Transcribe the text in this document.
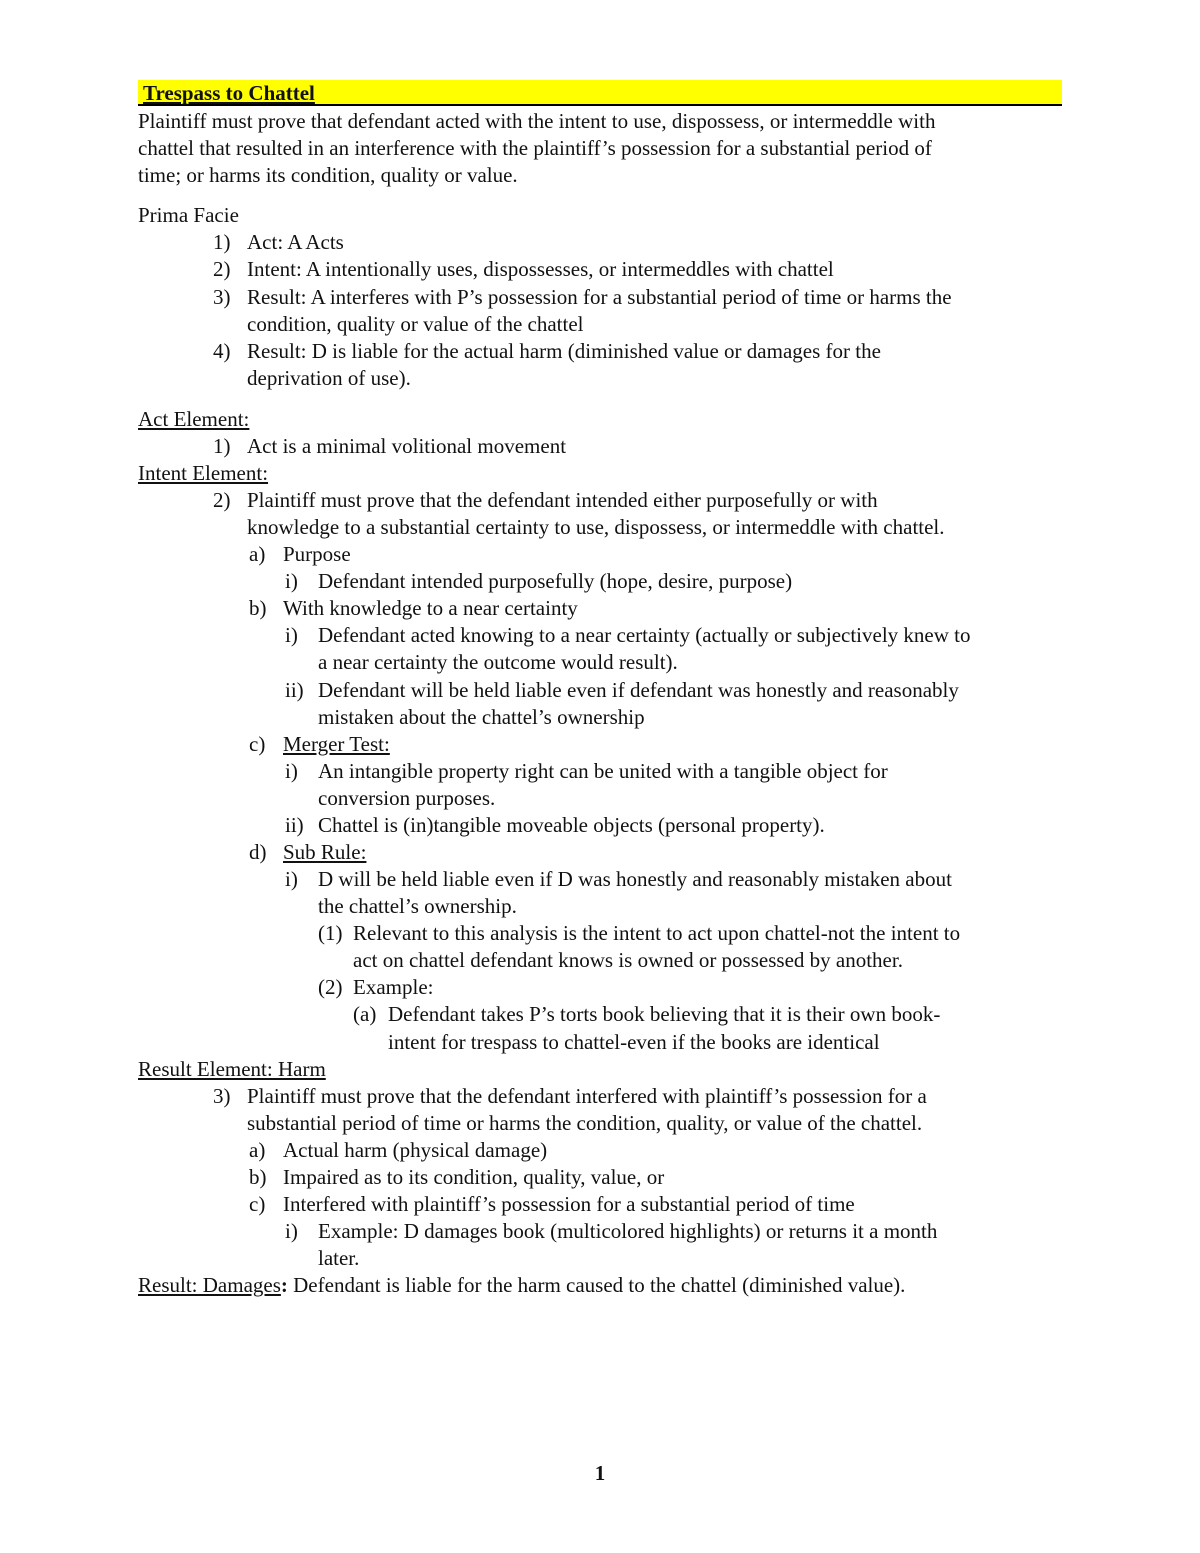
Trespass to Chattel
Plaintiff must prove that defendant acted with the intent to use, dispossess, or intermeddle with
chattel that resulted in an interference with the plaintiff’s possession for a substantial period of
time; or harms its condition, quality or value.
Prima Facie
1) Act: A Acts
2) Intent: A intentionally uses, dispossesses, or intermeddles with chattel
3) Result: A interferes with P’s possession for a substantial period of time or harms the
condition, quality or value of the chattel
4) Result: D is liable for the actual harm (diminished value or damages for the
deprivation of use).
Act Element:
1) Act is a minimal volitional movement
Intent Element:
2) Plaintiff must prove that the defendant intended either purposefully or with
knowledge to a substantial certainty to use, dispossess, or intermeddle with chattel.
a) Purpose
i) Defendant intended purposefully (hope, desire, purpose)
b) With knowledge to a near certainty
i) Defendant acted knowing to a near certainty (actually or subjectively knew to
a near certainty the outcome would result).
ii) Defendant will be held liable even if defendant was honestly and reasonably
mistaken about the chattel’s ownership
c) Merger Test:
i) An intangible property right can be united with a tangible object for
conversion purposes.
ii) Chattel is (in)tangible moveable objects (personal property).
d) Sub Rule:
i) D will be held liable even if D was honestly and reasonably mistaken about
the chattel’s ownership.
(1) Relevant to this analysis is the intent to act upon chattel-not the intent to
act on chattel defendant knows is owned or possessed by another.
(2) Example:
(a) Defendant takes P’s torts book believing that it is their own book-
intent for trespass to chattel-even if the books are identical
Result Element: Harm
3) Plaintiff must prove that the defendant interfered with plaintiff’s possession for a
substantial period of time or harms the condition, quality, or value of the chattel.
a) Actual harm (physical damage)
b) Impaired as to its condition, quality, value, or
c) Interfered with plaintiff’s possession for a substantial period of time
i) Example: D damages book (multicolored highlights) or returns it a month
later.
Result: Damages: Defendant is liable for the harm caused to the chattel (diminished value).
1
